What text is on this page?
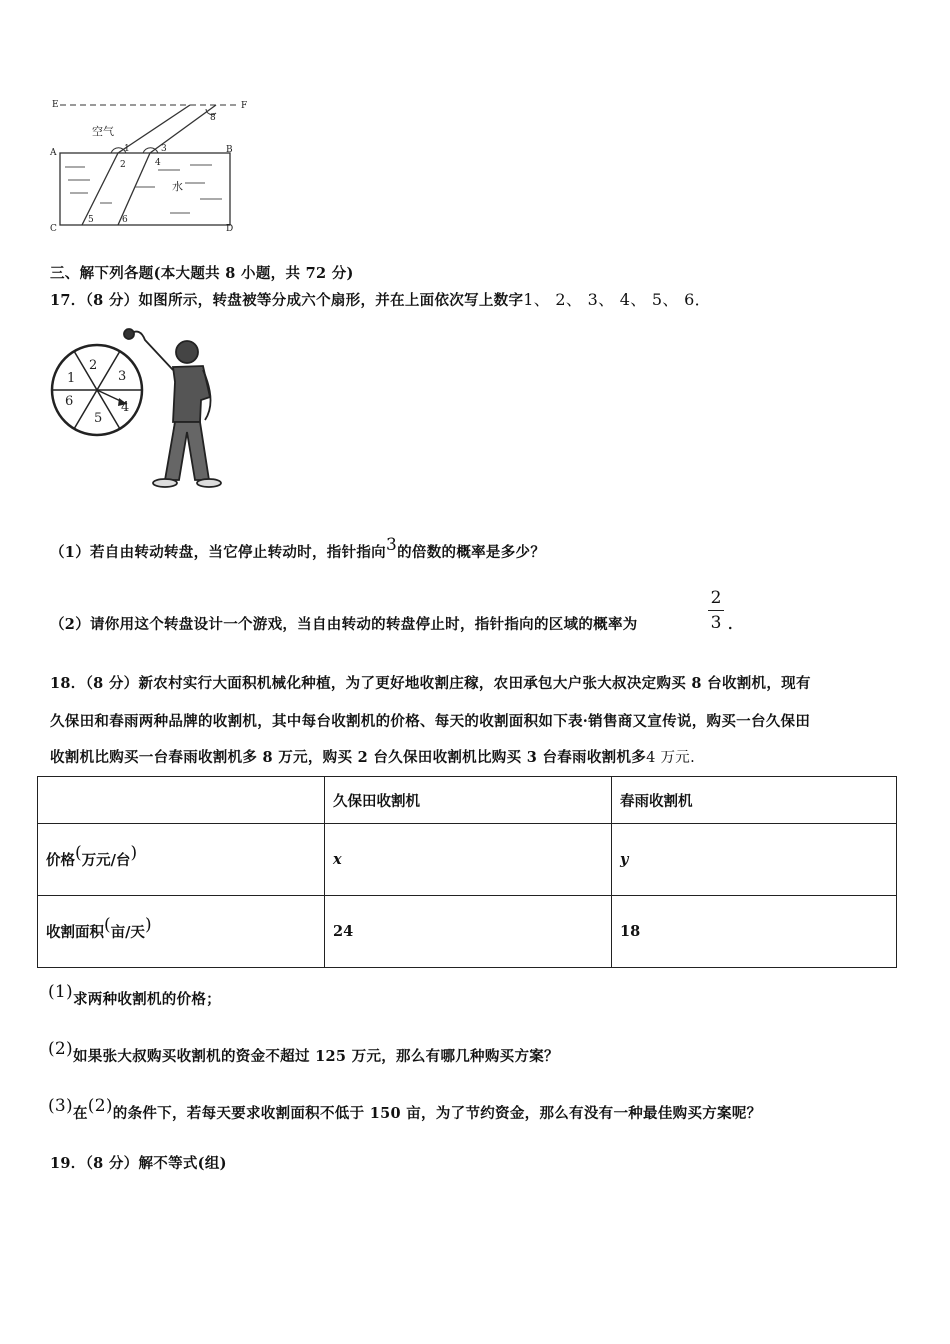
E	F
A	B
C	D
8
1
2
3
4
5	6
空气
水
三、解下列各题(本大题共 8 小题，共 72 分)
17．（8 分）如图所示，转盘被等分成六个扇形，并在上面依次写上数字1、 2、 3、 4、 5、 6．
1
2
3
4
5
6
（1）若自由转动转盘，当它停止转动时，指针指向3的倍数的概率是多少？
（2）请你用这个转盘设计一个游戏，当自由转动的转盘停止时，指针指向的区域的概率为
2
3 ．
18．（8 分）新农村实行大面积机械化种植，为了更好地收割庄稼，农田承包大户张大叔决定购买 8 台收割机，现有
久保田和春雨两种品牌的收割机，其中每台收割机的价格、每天的收割面积如下表·销售商又宣传说，购买一台久保田
收割机比购买一台春雨收割机多 8 万元，购买 2 台久保田收割机比购买 3 台春雨收割机多4 万元.
	久保田收割机	春雨收割机
价格(万元/台)	x	y
收割面积(亩/天)	24	18
(1)求两种收割机的价格；
(2)如果张大叔购买收割机的资金不超过 125 万元，那么有哪几种购买方案？
(3)在(2)的条件下，若每天要求收割面积不低于 150 亩，为了节约资金，那么有没有一种最佳购买方案呢？
19．（8 分）解不等式(组)
